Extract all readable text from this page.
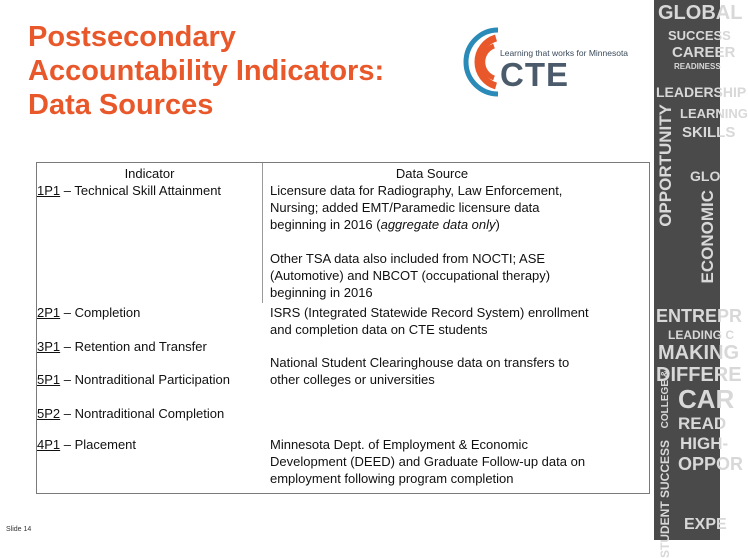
Postsecondary
Accountability Indicators:
Data Sources
Learning that works for Minnesota
CTE
Indicator	Data Source
1P1 – Technical Skill Attainment
2P1 – Completion
3P1 – Retention and Transfer
5P1 – Nontraditional Participation
5P2 – Nontraditional Completion
4P1 – Placement
Licensure data for Radiography, Law Enforcement,
Nursing; added EMT/Paramedic licensure data
beginning in 2016 (aggregate data only)
Other TSA data also included from NOCTI; ASE
(Automotive) and NBCOT (occupational therapy)
beginning in 2016
ISRS (Integrated Statewide Record System) enrollment
and completion data on CTE students
National Student Clearinghouse data on transfers to
other colleges or universities
Minnesota Dept. of Employment & Economic
Development (DEED) and Graduate Follow-up data on
employment following program completion
GLOBAL
SUCCESS
CAREER
READINESS
LEADERSHIP
LEARNING
SKILLS
GLO
OPPORTUNITY
ECONOMIC
ENTREPR
LEADING C
MAKING
DIFFERE
CAR
READ
HIGH-
OPPOR
STUDENT SUCCESS
COLLEGE &
EXPE
Slide 14
